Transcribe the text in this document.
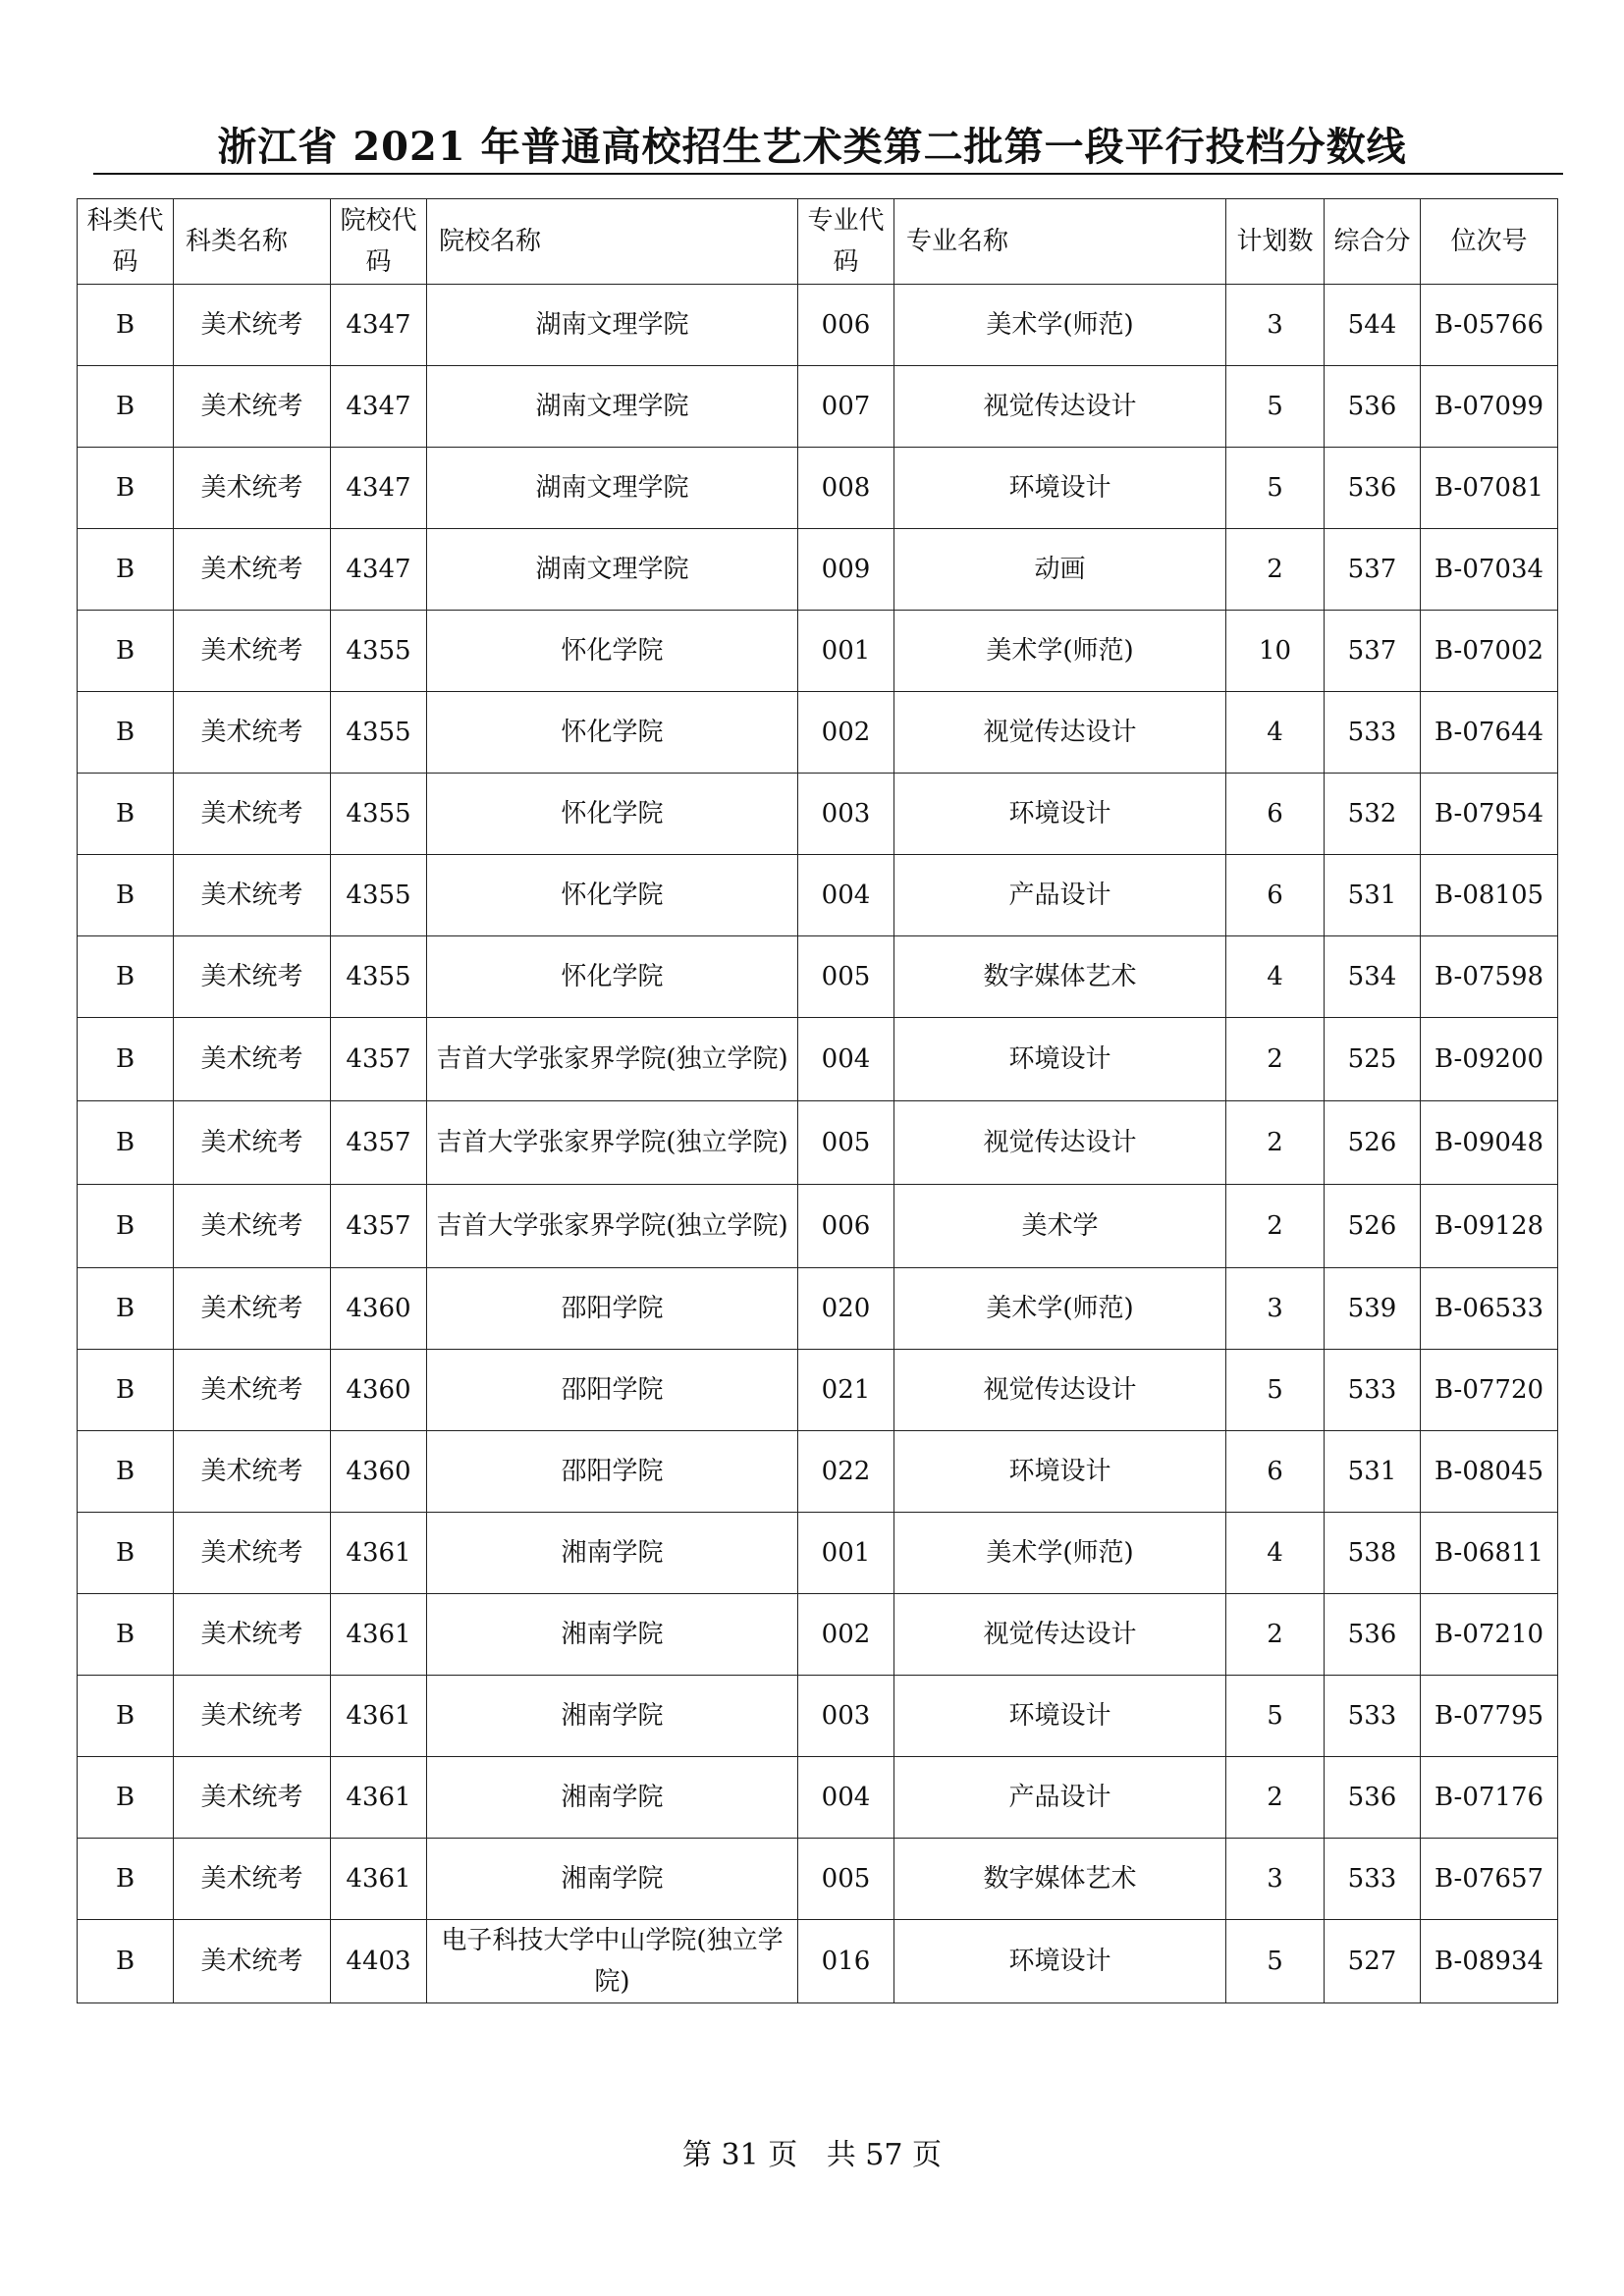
浙江省 2021 年普通高校招生艺术类第二批第一段平行投档分数线
科类代码	科类名称	院校代码	院校名称	专业代码	专业名称	计划数	综合分	位次号
B	美术统考	4347	湖南文理学院	006	美术学(师范)	3	544	B-05766
B	美术统考	4347	湖南文理学院	007	视觉传达设计	5	536	B-07099
B	美术统考	4347	湖南文理学院	008	环境设计	5	536	B-07081
B	美术统考	4347	湖南文理学院	009	动画	2	537	B-07034
B	美术统考	4355	怀化学院	001	美术学(师范)	10	537	B-07002
B	美术统考	4355	怀化学院	002	视觉传达设计	4	533	B-07644
B	美术统考	4355	怀化学院	003	环境设计	6	532	B-07954
B	美术统考	4355	怀化学院	004	产品设计	6	531	B-08105
B	美术统考	4355	怀化学院	005	数字媒体艺术	4	534	B-07598
B	美术统考	4357	吉首大学张家界学院(独立学院)	004	环境设计	2	525	B-09200
B	美术统考	4357	吉首大学张家界学院(独立学院)	005	视觉传达设计	2	526	B-09048
B	美术统考	4357	吉首大学张家界学院(独立学院)	006	美术学	2	526	B-09128
B	美术统考	4360	邵阳学院	020	美术学(师范)	3	539	B-06533
B	美术统考	4360	邵阳学院	021	视觉传达设计	5	533	B-07720
B	美术统考	4360	邵阳学院	022	环境设计	6	531	B-08045
B	美术统考	4361	湘南学院	001	美术学(师范)	4	538	B-06811
B	美术统考	4361	湘南学院	002	视觉传达设计	2	536	B-07210
B	美术统考	4361	湘南学院	003	环境设计	5	533	B-07795
B	美术统考	4361	湘南学院	004	产品设计	2	536	B-07176
B	美术统考	4361	湘南学院	005	数字媒体艺术	3	533	B-07657
B	美术统考	4403	电子科技大学中山学院(独立学院)	016	环境设计	5	527	B-08934
第 31 页 共 57 页
